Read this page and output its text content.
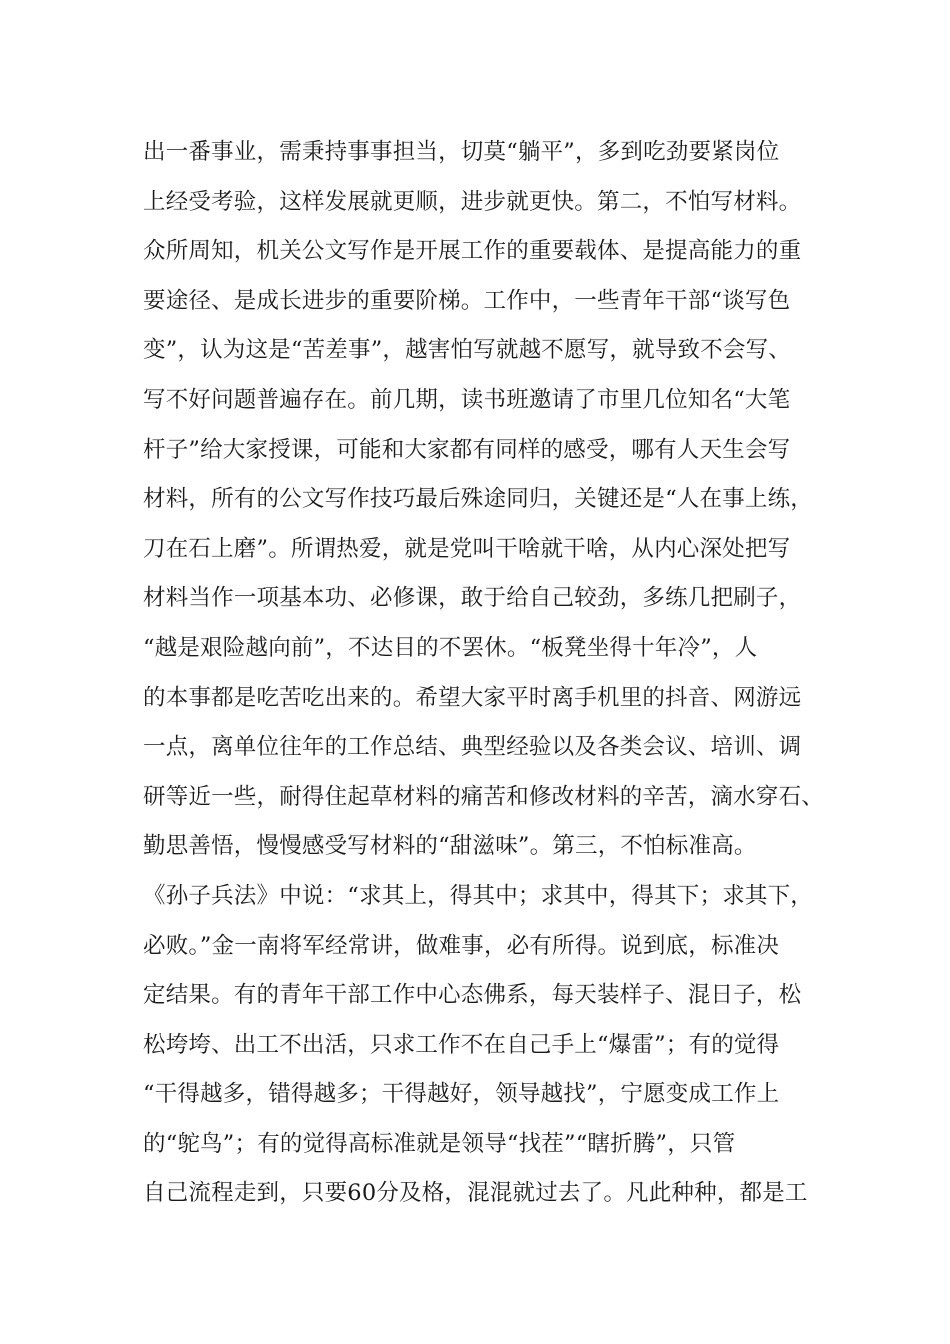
出一番事业，需秉持事事担当，切莫“躺平”，多到吃劲要紧岗位
上经受考验，这样发展就更顺，进步就更快。第二，不怕写材料。
众所周知，机关公文写作是开展工作的重要载体、是提高能力的重
要途径、是成长进步的重要阶梯。工作中，一些青年干部“谈写色
变”，认为这是“苦差事”，越害怕写就越不愿写，就导致不会写、
写不好问题普遍存在。前几期，读书班邀请了市里几位知名“大笔
杆子”给大家授课，可能和大家都有同样的感受，哪有人天生会写
材料，所有的公文写作技巧最后殊途同归，关键还是“人在事上练，
刀在石上磨”。所谓热爱，就是党叫干啥就干啥，从内心深处把写
材料当作一项基本功、必修课，敢于给自己较劲，多练几把刷子，
“越是艰险越向前”，不达目的不罢休。“板凳坐得十年冷”，人
的本事都是吃苦吃出来的。希望大家平时离手机里的抖音、网游远
一点，离单位往年的工作总结、典型经验以及各类会议、培训、调
研等近一些，耐得住起草材料的痛苦和修改材料的辛苦，滴水穿石、
勤思善悟，慢慢感受写材料的“甜滋味”。第三，不怕标准高。
《孙子兵法》中说：“求其上，得其中；求其中，得其下；求其下，
必败。”金一南将军经常讲，做难事，必有所得。说到底，标准决
定结果。有的青年干部工作中心态佛系，每天装样子、混日子，松
松垮垮、出工不出活，只求工作不在自己手上“爆雷”；有的觉得
“干得越多，错得越多；干得越好，领导越找”，宁愿变成工作上
的“鸵鸟”；有的觉得高标准就是领导“找茬”“瞎折腾”，只管
自己流程走到，只要60分及格，混混就过去了。凡此种种，都是工
